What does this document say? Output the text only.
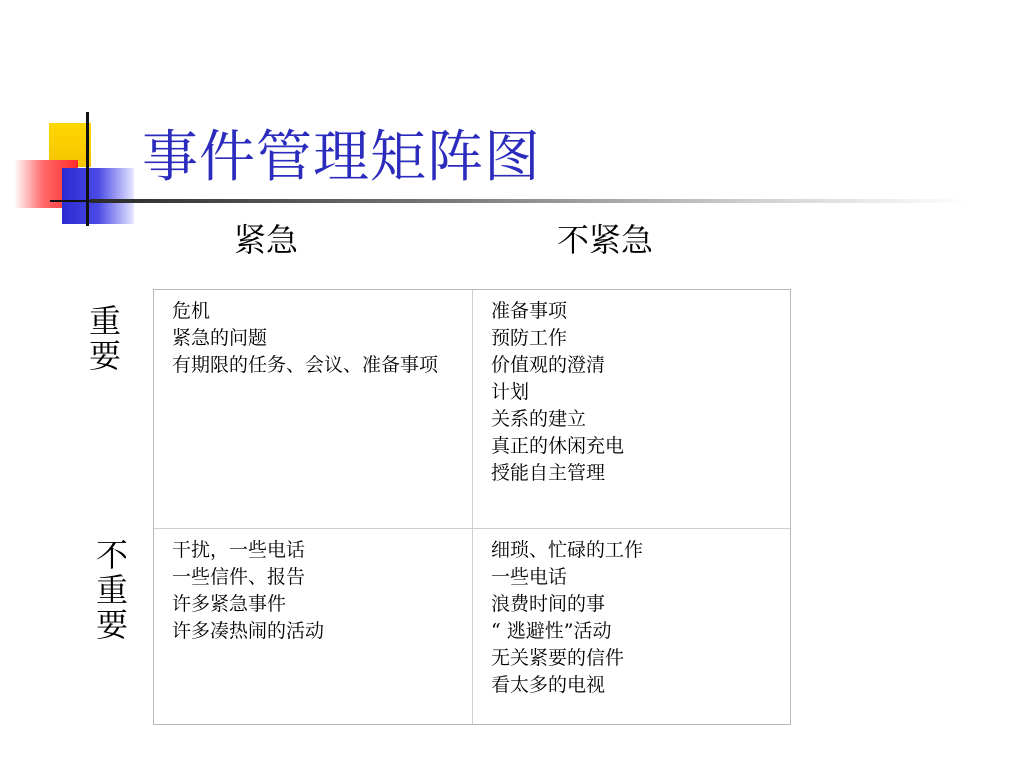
事件管理矩阵图
紧急	不紧急
重要
不重要
危机
紧急的问题
有期限的任务、会议、准备事项
准备事项
预防工作
价值观的澄清
计划
关系的建立
真正的休闲充电
授能自主管理
干扰，一些电话
一些信件、报告
许多紧急事件
许多凑热闹的活动
细琐、忙碌的工作
一些电话
浪费时间的事
“ 逃避性”活动
无关紧要的信件
看太多的电视
